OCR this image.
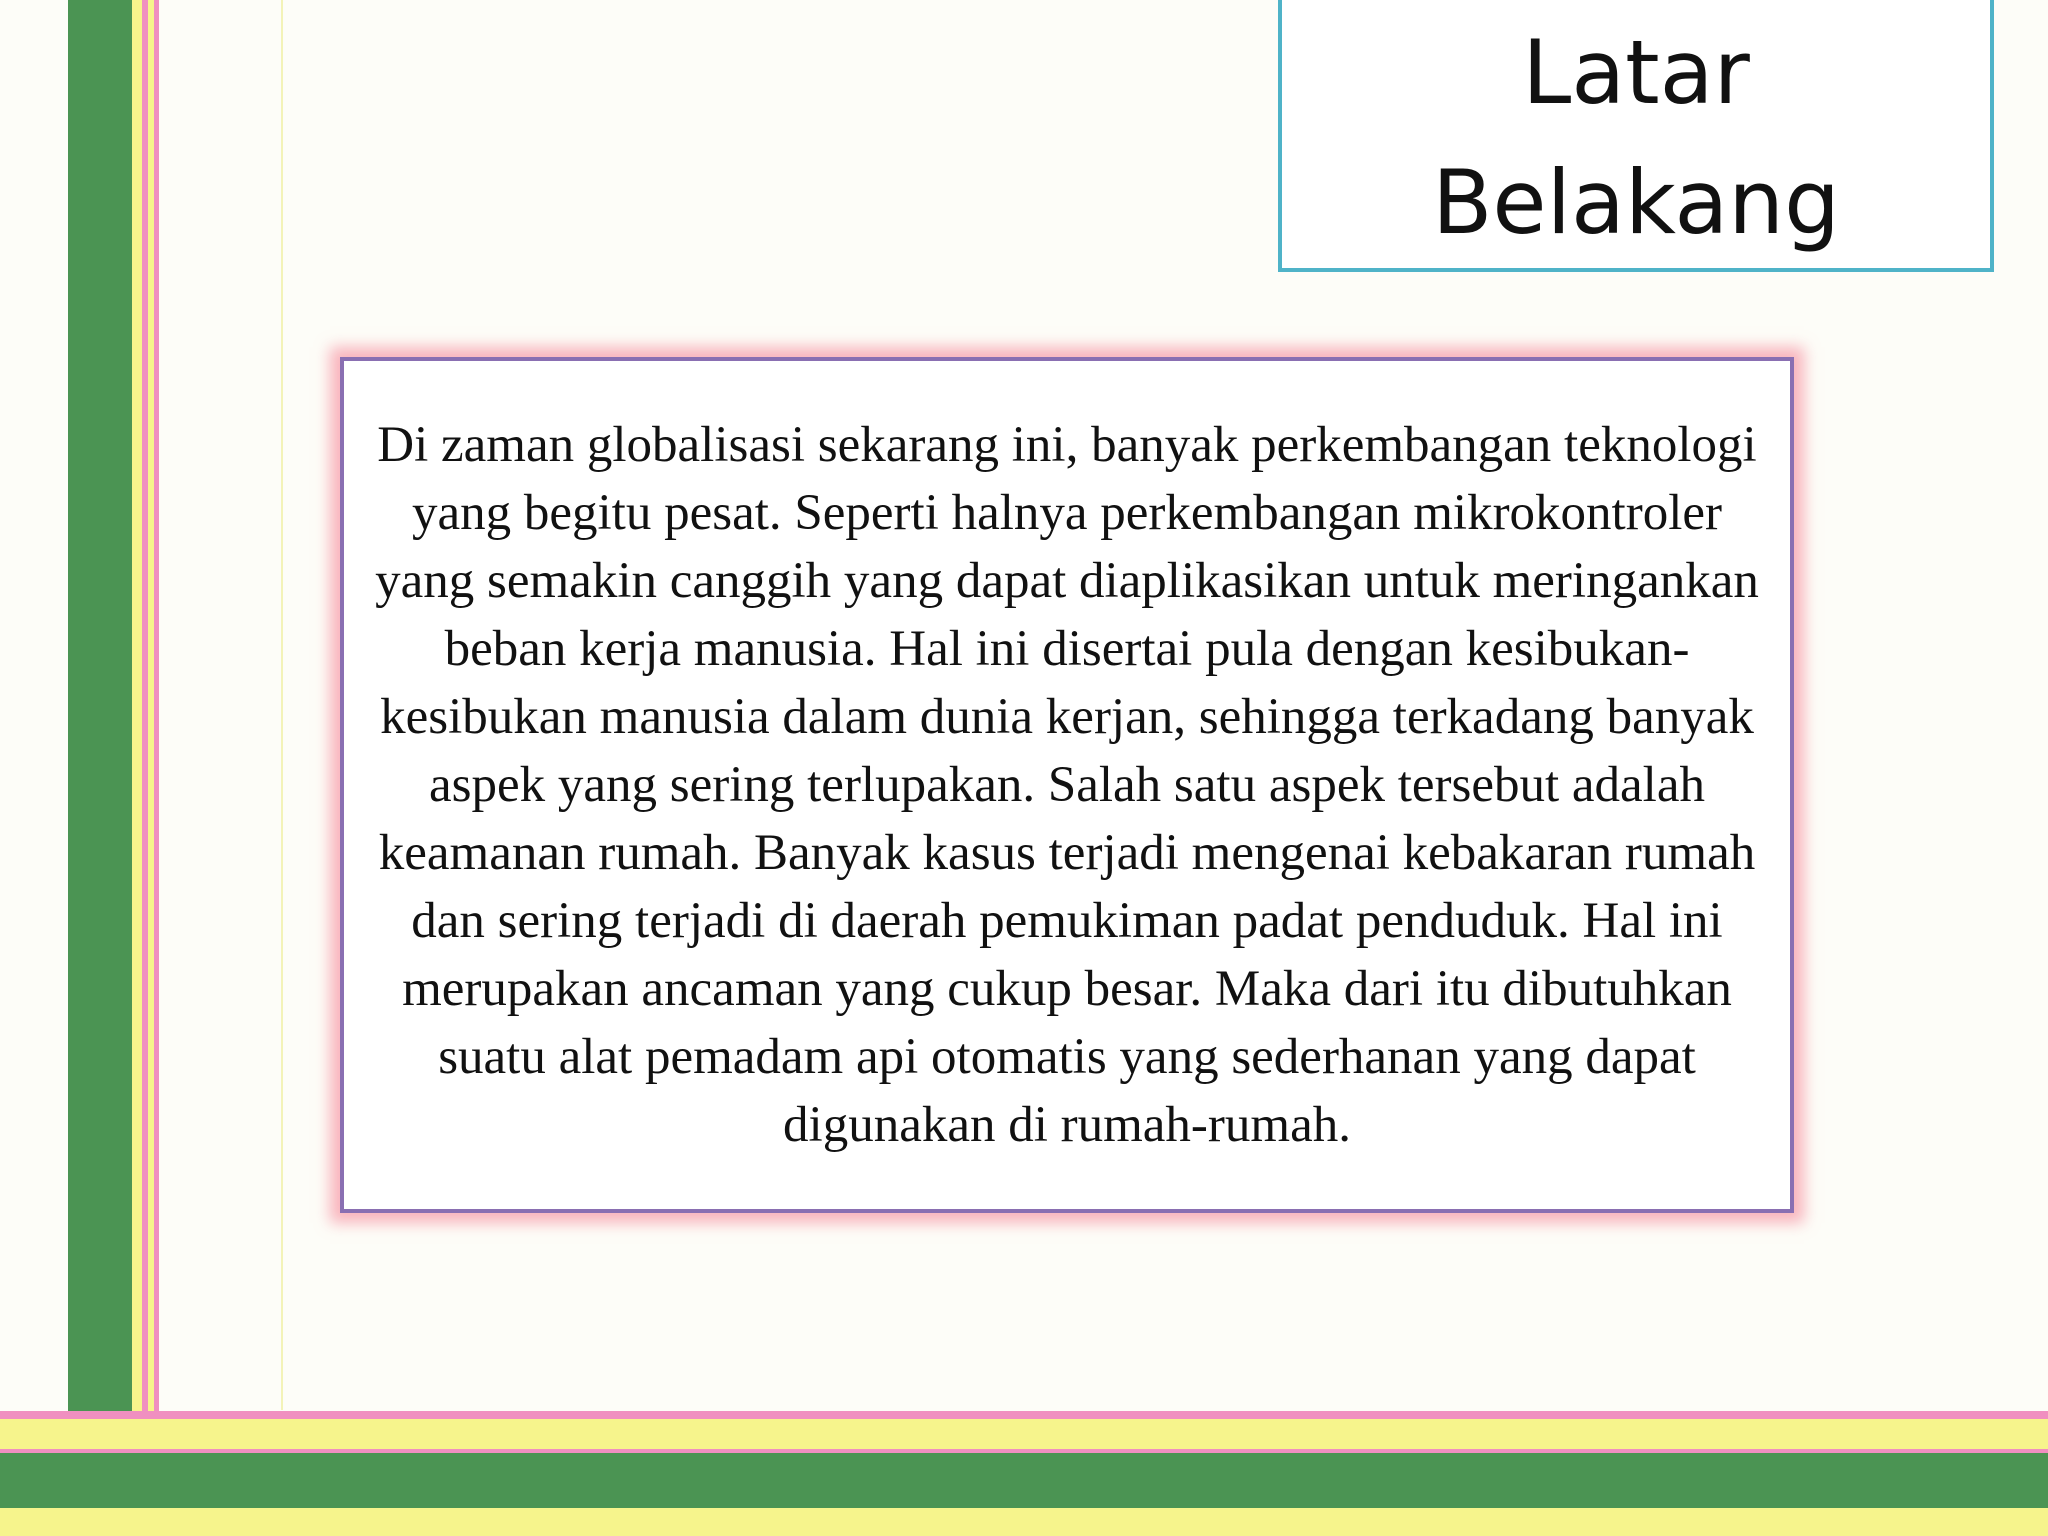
Latar
Belakang

Di zaman globalisasi sekarang ini, banyak perkembangan teknologi yang begitu pesat. Seperti halnya perkembangan mikrokontroler yang semakin canggih yang dapat diaplikasikan untuk meringankan beban kerja manusia. Hal ini disertai pula dengan kesibukan-kesibukan manusia dalam dunia kerjan, sehingga terkadang banyak aspek yang sering terlupakan. Salah satu aspek tersebut adalah keamanan rumah. Banyak kasus terjadi mengenai kebakaran rumah dan sering terjadi di daerah pemukiman padat penduduk. Hal ini merupakan ancaman yang cukup besar. Maka dari itu dibutuhkan suatu alat pemadam api otomatis yang sederhanan yang dapat digunakan di rumah-rumah.
